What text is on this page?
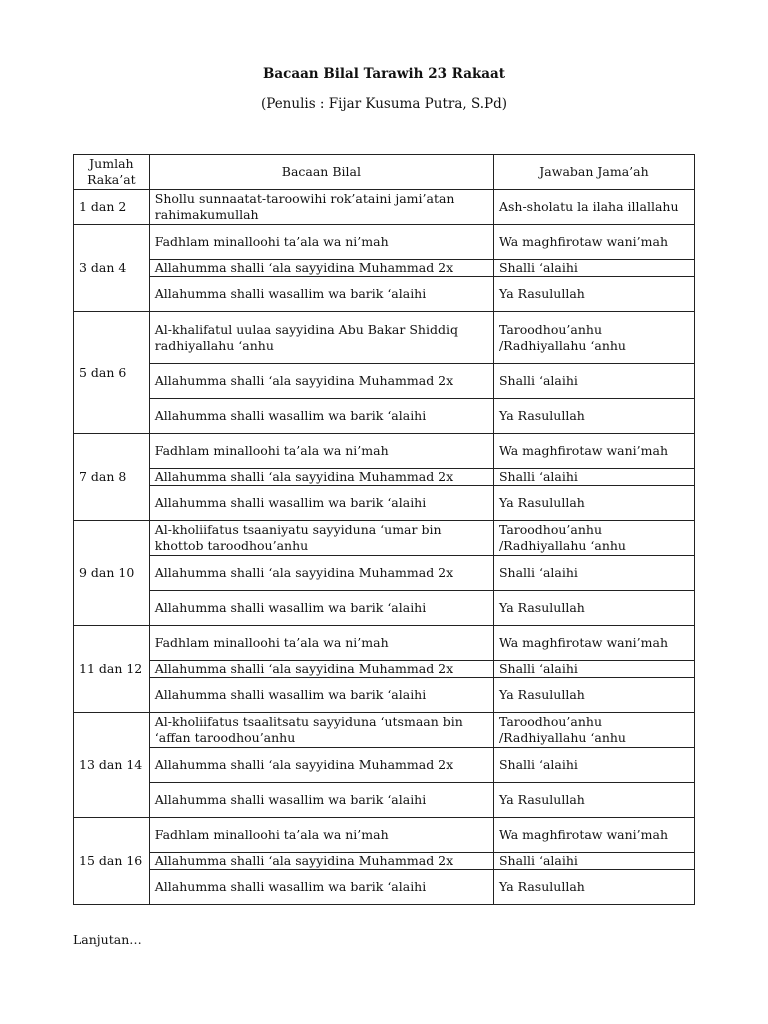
Bacaan Bilal Tarawih 23 Rakaat
(Penulis : Fijar Kusuma Putra, S.Pd)
Jumlah Raka’at	Bacaan Bilal	Jawaban Jama’ah
1 dan 2	Shollu sunnaatat-taroowihi rok’ataini jami’atan rahimakumullah	Ash-sholatu la ilaha illallahu
3 dan 4	Fadhlam minalloohi ta’ala wa ni’mah	Wa maghfirotaw wani’mah
	Allahumma shalli ‘ala sayyidina Muhammad 2x	Shalli ‘alaihi
	Allahumma shalli wasallim wa barik ‘alaihi	Ya Rasulullah
5 dan 6	Al-khalifatul uulaa sayyidina Abu Bakar Shiddiq radhiyallahu ‘anhu	Taroodhou’anhu /Radhiyallahu ‘anhu
	Allahumma shalli ‘ala sayyidina Muhammad 2x	Shalli ‘alaihi
	Allahumma shalli wasallim wa barik ‘alaihi	Ya Rasulullah
7 dan 8	Fadhlam minalloohi ta’ala wa ni’mah	Wa maghfirotaw wani’mah
	Allahumma shalli ‘ala sayyidina Muhammad 2x	Shalli ‘alaihi
	Allahumma shalli wasallim wa barik ‘alaihi	Ya Rasulullah
9 dan 10	Al-kholiifatus tsaaniyatu sayyiduna ‘umar bin khottob taroodhou’anhu	Taroodhou’anhu /Radhiyallahu ‘anhu
	Allahumma shalli ‘ala sayyidina Muhammad 2x	Shalli ‘alaihi
	Allahumma shalli wasallim wa barik ‘alaihi	Ya Rasulullah
11 dan 12	Fadhlam minalloohi ta’ala wa ni’mah	Wa maghfirotaw wani’mah
	Allahumma shalli ‘ala sayyidina Muhammad 2x	Shalli ‘alaihi
	Allahumma shalli wasallim wa barik ‘alaihi	Ya Rasulullah
13 dan 14	Al-kholiifatus tsaalitsatu sayyiduna ‘utsmaan bin ‘affan taroodhou’anhu	Taroodhou’anhu /Radhiyallahu ‘anhu
	Allahumma shalli ‘ala sayyidina Muhammad 2x	Shalli ‘alaihi
	Allahumma shalli wasallim wa barik ‘alaihi	Ya Rasulullah
15 dan 16	Fadhlam minalloohi ta’ala wa ni’mah	Wa maghfirotaw wani’mah
	Allahumma shalli ‘ala sayyidina Muhammad 2x	Shalli ‘alaihi
	Allahumma shalli wasallim wa barik ‘alaihi	Ya Rasulullah
Lanjutan…
